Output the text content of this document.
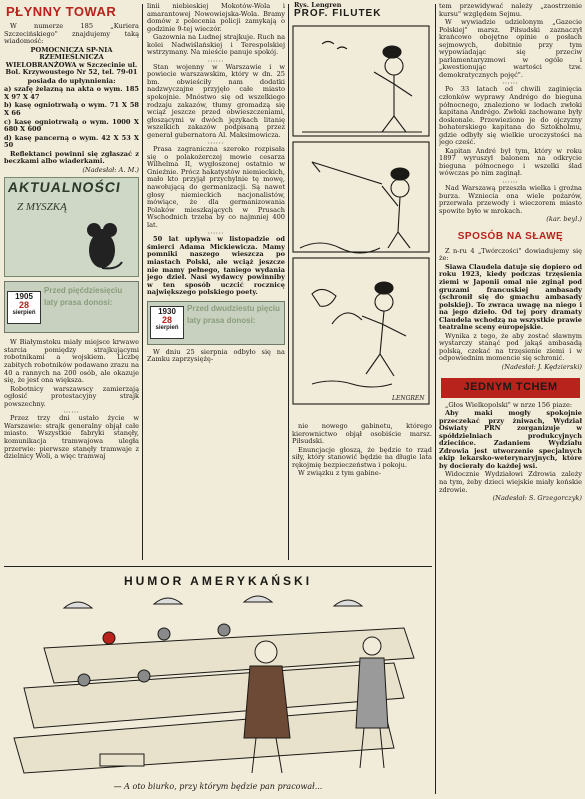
PŁYNNY TOWAR

W numerze 185 „Kuriera Szczecińskiego" znajdujemy taką wiadomość:

POMOCNICZA SP-NIA RZEMIEŚLNICZA WIELOBRANŻOWA w Szczecinie ul. Bol. Krzywoustego Nr 52, tel. 79-01

posiada do upłynnienia:

a) szafę żelazną na akta o wym. 185 X 97 X 47

b) kasę ogniotrwałą o wym. 71 X 58 X 66

c) kasę ogniotrwałą o wym. 1000 X 680 X 600

d) kasę pancerną o wym. 42 X 53 X 50

Reflektanci powinni się zgłaszać z beczkami albo wiaderkami.

(Nadesłał: A. M.)

AKTUALNOŚCI
Z MYSZKĄ
1905
28
sierpień
Przed pięćdziesięciu laty prasa donosi:

W Białymstoku miały miejsce krwawe starcia pomiędzy strajkującymi robotnikami a wojskiem. Liczbę zabitych robotników podawano zrazu na 40 a rannych na 200 osób, ale okazuje się, że jest ona większa.

Robotnicy warszawscy zamierzają ogłosić protestacyjny strajk powszechny.

::::::

Przez trzy dni ustało życie w Warszawie: strajk generalny objął całe miasto. Wszystkie fabryki stanęły, komunikacja tramwajowa uległa przerwie: pierwsze stanęły tramwaje z dzielnicy Woli, a więc tramwaj

linii niebieskiej Mokotów-Wola i amarantowej Nowowiejska-Wola. Bramy domów z polecenia policji zamykają o godzinie 9-tej wieczór.

Gazownia na Ludnej strajkuje. Ruch na kolei Nadwiślańskiej i Terespolskiej wstrzymany. Na mieście panuje spokój.

::::::

Stan wojenny w Warszawie i w powiecie warszawskim, który w dn. 25 bm. obwieściły nam dodatki nadzwyczajne przyjęło całe miasto spokojnie. Mnóstwo się od wszelkiego rodzaju zakazów, tłumy gromadzą się wciąż jeszcze przed obwieszczeniami, głoszącymi w dwóch językach litanię wszelkich zakazów podpisaną przez generał gubernatora Al. Maksimowicza.

::::::

Prasa zagraniczna szeroko rozpisała się o polakożerczej mowie cesarza Wilhelma II, wygłoszonej ostatnio w Gnieźnie. Prócz hakatystów niemieckich, mało kto przyjął przychylnie tę mowę, nawołującą do germanizacji. Są nawet głosy niemieckich nacjonalistów, mówiące, że dla germanizowania Polaków mieszkających w Prusach Wschodnich trzeba by co najmniej 400 lat.

::::::

50 lat upływa w listopadzie od śmierci Adama Mickiewicza. Mamy pomniki naszego wieszcza po miastach Polski, ale wciąż jeszcze nie mamy pełnego, taniego wydania jego dzieł. Nasi wydawcy powinniby w ten sposób uczcić rocznicę największego polskiego poety.

1930
28
sierpień
Przed dwudziestu pięciu laty prasa donosi:

W dniu 25 sierpnia odbyło się na Zamku zaprzysiężę-

Rys. Lengren
PROF. FILUTEK
LENGREN

nie nowego gabinetu, którego kierownictwo objął osobiście marsz. Piłsudski.

Enuncjacje głoszą, że będzie to rząd siły, który stanowić będzie na długie lata rękojmię bezpieczeństwa i pokoju.

W związku z tym gabine-

tem przewidywać należy „zaostrzenie kursu" względem Sejmu.

W wywiadzie udzielonym „Gazecie Polskiej" marsz. Piłsudski zaznaczył krańcowo obojętne opinie o posłach sejmowych, dobitnie przy tym wypowiadając się przeciw parlamentaryzmowi w ogóle i „kwestionując wartości tzw. demokratycznych pojęć".

::::::

Po 33 latach od chwili zaginięcia członków wyprawy Andrégo do bieguna północnego, znaleziono w lodach zwłoki kapitana Andrégo. Zwłoki zachowane były doskonale. Przewieziono je do ojczyzny bohaterskiego kapitana do Sztokholmu, gdzie odbyły się wielkie uroczystości na jego cześć.

Kapitan André był tym, który w roku 1897 wyruszył balonem na odkrycie bieguna północnego i wszelki ślad wówczas po nim zaginął.

::::::

Nad Warszawą przeszła wielka i groźna burza. Wzniecia ona wiele pożarów, przerwała przewody i wieczorem miasto spowite było w mrokach.

(kar. beyl.)

SPOSÓB NA SŁAWĘ

Z n-ru 4 „Twórczości" dowiadujemy się że:

Siawa Claudela datuje się dopiero od roku 1923, kiedy podczas trzęsienia ziemi w Japonii omal nie zginął pod gruzami francuskiej ambasady (schronił się do gmachu ambasady polskiej). To zwraca uwagę na niego i na jego dzieło. Od tej pory dramaty Claudela wchodzą na wszystkie prawie teatralne sceny europejskie.

Wynika z tego, że aby zostać sławnym wystarczy stanąć pod jakąś ambasadą polską, czekać na trzęsienie ziemi i w odpowiednim momencie się schronić.

(Nadesłał: J. Kędzierski)

JEDNYM TCHEM

„Głos Wielkopolski" w nrze 156 piaze:

Aby maki mogły spokojnie przeczekać przy żniwach, Wydział Oświaty PRN zorganizuje w spółdzielniach produkcyjnych dziecińce. Zadaniem Wydziału Zdrowia jest utworzenie specjalnych ekip lekarsko-weterynaryjnych, które by docierały do każdej wsi.

Widocznie Wydziałowi Zdrowia zależy na tym, żeby dzieci wiejskie miały końskie zdrowie.

(Nadesłał: S. Grzegorczyk)

HUMOR AMERYKAŃSKI
— A oto biurko, przy którym będzie pan pracował...
